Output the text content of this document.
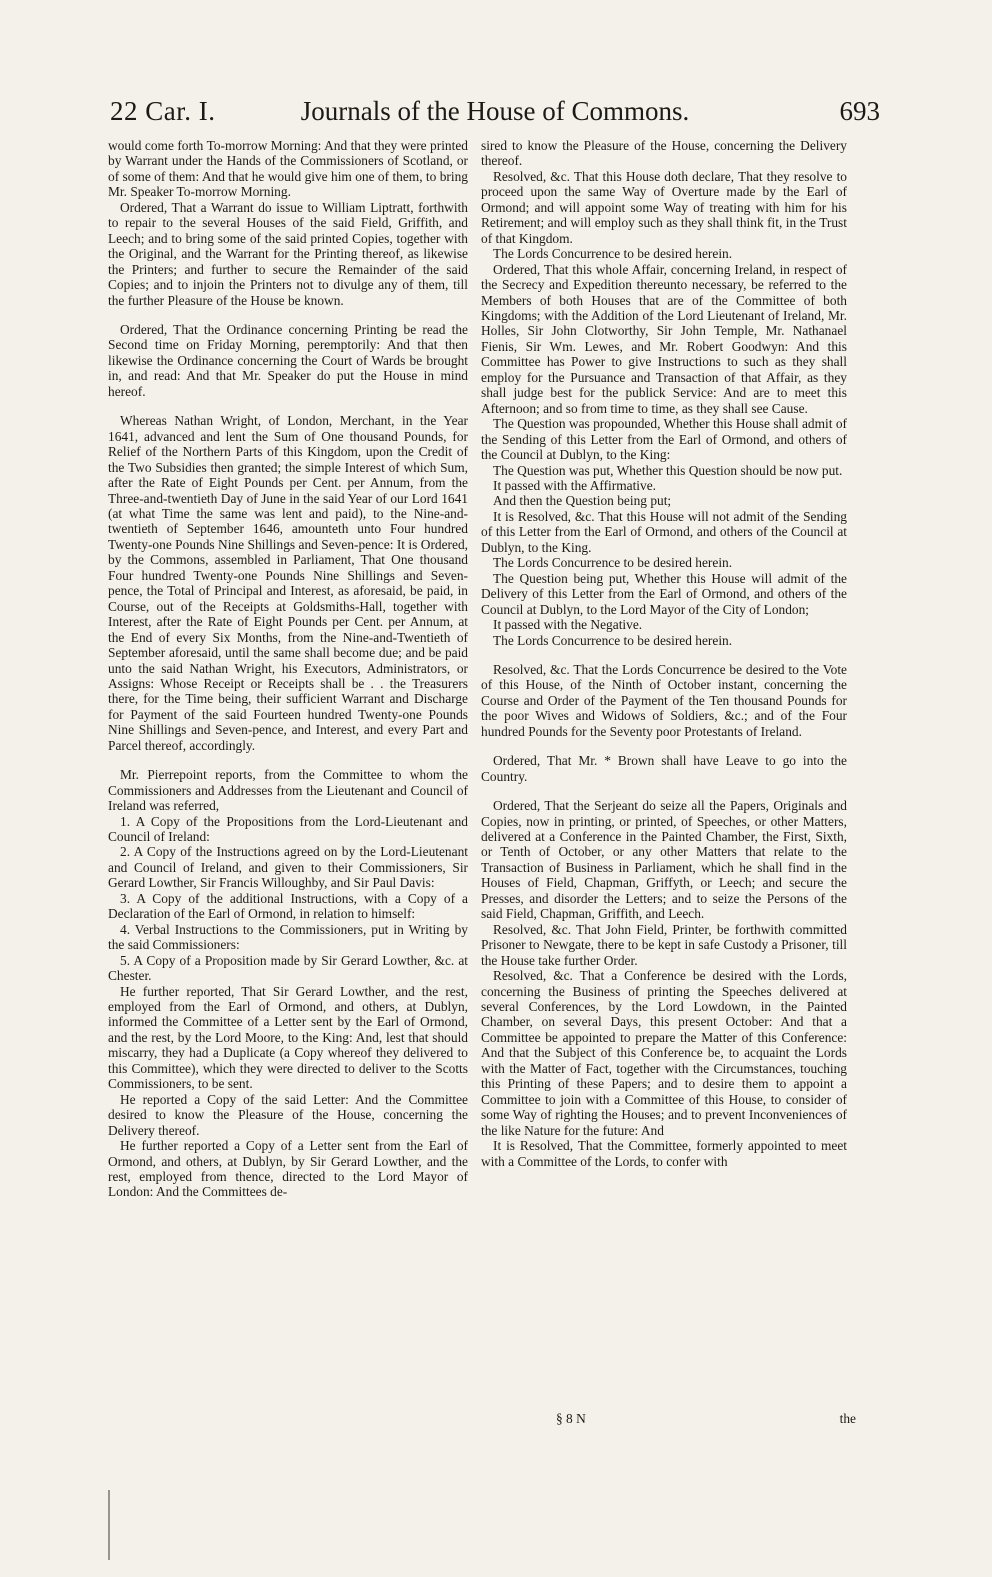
22 Car. I.	Journals of the House of Commons.	693

would come forth To-morrow Morning: And that they were printed by Warrant under the Hands of the Commissioners of Scotland, or of some of them: And that he would give him one of them, to bring Mr. Speaker To-morrow Morning.

Ordered, That a Warrant do issue to William Liptratt, forthwith to repair to the several Houses of the said Field, Griffith, and Leech; and to bring some of the said printed Copies, together with the Original, and the Warrant for the Printing thereof, as likewise the Printers; and further to secure the Remainder of the said Copies; and to injoin the Printers not to divulge any of them, till the further Pleasure of the House be known.

Ordered, That the Ordinance concerning Printing be read the Second time on Friday Morning, peremptorily: And that then likewise the Ordinance concerning the Court of Wards be brought in, and read: And that Mr. Speaker do put the House in mind hereof.

Whereas Nathan Wright, of London, Merchant, in the Year 1641, advanced and lent the Sum of One thousand Pounds, for Relief of the Northern Parts of this Kingdom, upon the Credit of the Two Subsidies then granted; the simple Interest of which Sum, after the Rate of Eight Pounds per Cent. per Annum, from the Three-and-twentieth Day of June in the said Year of our Lord 1641 (at what Time the same was lent and paid), to the Nine-and-twentieth of September 1646, amounteth unto Four hundred Twenty-one Pounds Nine Shillings and Seven-pence: It is Ordered, by the Commons, assembled in Parliament, That One thousand Four hundred Twenty-one Pounds Nine Shillings and Seven-pence, the Total of Principal and Interest, as aforesaid, be paid, in Course, out of the Receipts at Goldsmiths-Hall, together with Interest, after the Rate of Eight Pounds per Cent. per Annum, at the End of every Six Months, from the Nine-and-Twentieth of September aforesaid, until the same shall become due; and be paid unto the said Nathan Wright, his Executors, Administrators, or Assigns: Whose Receipt or Receipts shall be . . the Treasurers there, for the Time being, their sufficient Warrant and Discharge for Payment of the said Fourteen hundred Twenty-one Pounds Nine Shillings and Seven-pence, and Interest, and every Part and Parcel thereof, accordingly.

Mr. Pierrepoint reports, from the Committee to whom the Commissioners and Addresses from the Lieutenant and Council of Ireland was referred,

1. A Copy of the Propositions from the Lord-Lieutenant and Council of Ireland:

2. A Copy of the Instructions agreed on by the Lord-Lieutenant and Council of Ireland, and given to their Commissioners, Sir Gerard Lowther, Sir Francis Willoughby, and Sir Paul Davis:

3. A Copy of the additional Instructions, with a Copy of a Declaration of the Earl of Ormond, in relation to himself:

4. Verbal Instructions to the Commissioners, put in Writing by the said Commissioners:

5. A Copy of a Proposition made by Sir Gerard Lowther, &c. at Chester.

He further reported, That Sir Gerard Lowther, and the rest, employed from the Earl of Ormond, and others, at Dublyn, informed the Committee of a Letter sent by the Earl of Ormond, and the rest, by the Lord Moore, to the King: And, lest that should miscarry, they had a Duplicate (a Copy whereof they delivered to this Committee), which they were directed to deliver to the Scotts Commissioners, to be sent.

He reported a Copy of the said Letter: And the Committee desired to know the Pleasure of the House, concerning the Delivery thereof.

He further reported a Copy of a Letter sent from the Earl of Ormond, and others, at Dublyn, by Sir Gerard Lowther, and the rest, employed from thence, directed to the Lord Mayor of London: And the Committees de-

sired to know the Pleasure of the House, concerning the Delivery thereof.

Resolved, &c. That this House doth declare, That they resolve to proceed upon the same Way of Overture made by the Earl of Ormond; and will appoint some Way of treating with him for his Retirement; and will employ such as they shall think fit, in the Trust of that Kingdom.

The Lords Concurrence to be desired herein.

Ordered, That this whole Affair, concerning Ireland, in respect of the Secrecy and Expedition thereunto necessary, be referred to the Members of both Houses that are of the Committee of both Kingdoms; with the Addition of the Lord Lieutenant of Ireland, Mr. Holles, Sir John Clotworthy, Sir John Temple, Mr. Nathanael Fienis, Sir Wm. Lewes, and Mr. Robert Goodwyn: And this Committee has Power to give Instructions to such as they shall employ for the Pursuance and Transaction of that Affair, as they shall judge best for the publick Service: And are to meet this Afternoon; and so from time to time, as they shall see Cause.

The Question was propounded, Whether this House shall admit of the Sending of this Letter from the Earl of Ormond, and others of the Council at Dublyn, to the King:

The Question was put, Whether this Question should be now put.

It passed with the Affirmative.

And then the Question being put;

It is Resolved, &c. That this House will not admit of the Sending of this Letter from the Earl of Ormond, and others of the Council at Dublyn, to the King.

The Lords Concurrence to be desired herein.

The Question being put, Whether this House will admit of the Delivery of this Letter from the Earl of Ormond, and others of the Council at Dublyn, to the Lord Mayor of the City of London;

It passed with the Negative.

The Lords Concurrence to be desired herein.

Resolved, &c. That the Lords Concurrence be desired to the Vote of this House, of the Ninth of October instant, concerning the Course and Order of the Payment of the Ten thousand Pounds for the poor Wives and Widows of Soldiers, &c.; and of the Four hundred Pounds for the Seventy poor Protestants of Ireland.

Ordered, That Mr. * Brown shall have Leave to go into the Country.

Ordered, That the Serjeant do seize all the Papers, Originals and Copies, now in printing, or printed, of Speeches, or other Matters, delivered at a Conference in the Painted Chamber, the First, Sixth, or Tenth of October, or any other Matters that relate to the Transaction of Business in Parliament, which he shall find in the Houses of Field, Chapman, Griffyth, or Leech; and secure the Presses, and disorder the Letters; and to seize the Persons of the said Field, Chapman, Griffith, and Leech.

Resolved, &c. That John Field, Printer, be forthwith committed Prisoner to Newgate, there to be kept in safe Custody a Prisoner, till the House take further Order.

Resolved, &c. That a Conference be desired with the Lords, concerning the Business of printing the Speeches delivered at several Conferences, by the Lord Lowdown, in the Painted Chamber, on several Days, this present October: And that a Committee be appointed to prepare the Matter of this Conference: And that the Subject of this Conference be, to acquaint the Lords with the Matter of Fact, together with the Circumstances, touching this Printing of these Papers; and to desire them to appoint a Committee to join with a Committee of this House, to consider of some Way of righting the Houses; and to prevent Inconveniences of the like Nature for the future: And

It is Resolved, That the Committee, formerly appointed to meet with a Committee of the Lords, to confer with

§ 8 N	the
